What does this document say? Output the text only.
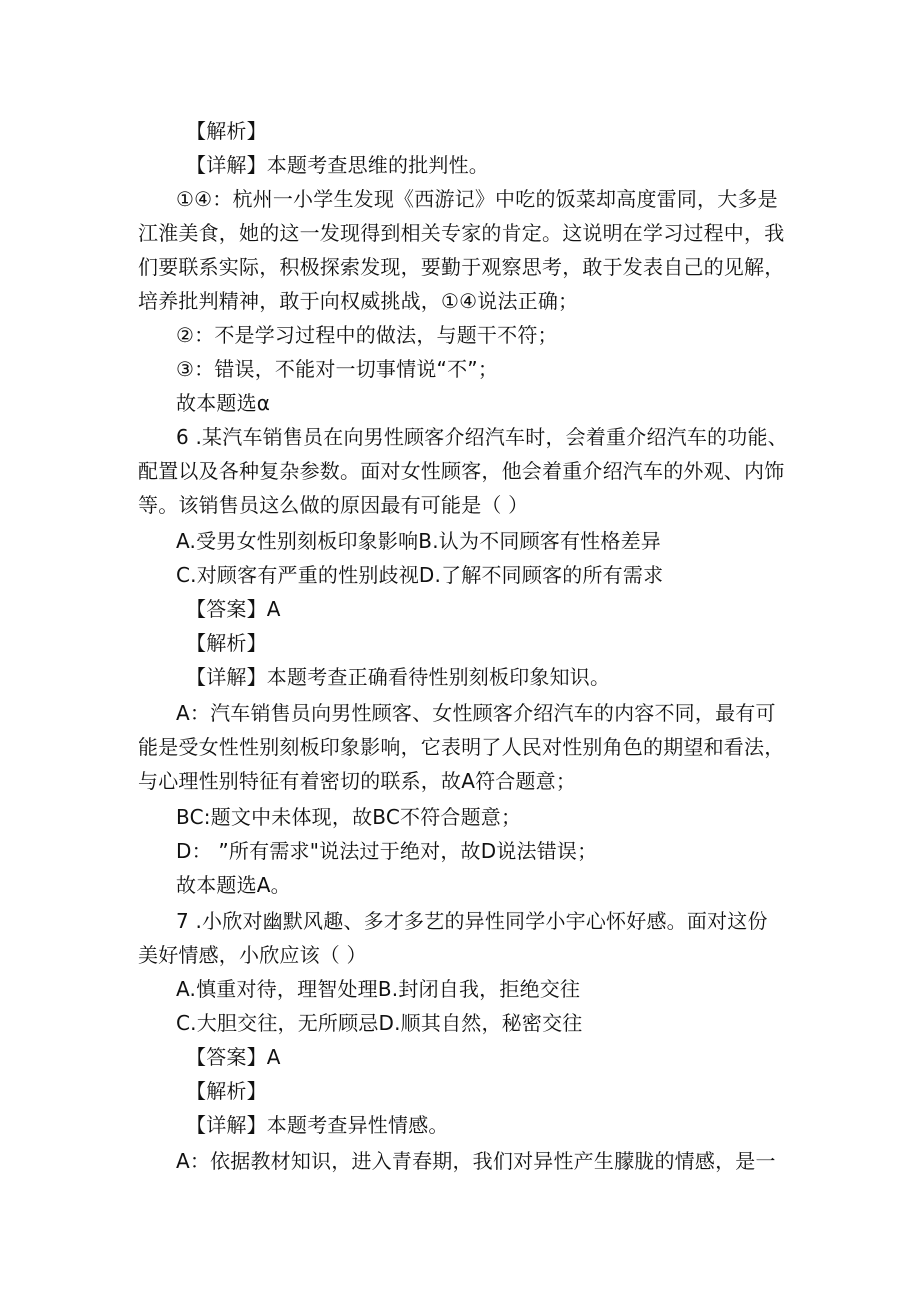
【解析】
【详解】本题考查思维的批判性。
①④：杭州一小学生发现《西游记》中吃的饭菜却高度雷同，大多是
江淮美食，她的这一发现得到相关专家的肯定。这说明在学习过程中，我
们要联系实际，积极探索发现，要勤于观察思考，敢于发表自己的见解，
培养批判精神，敢于向权威挑战，①④说法正确；
②：不是学习过程中的做法，与题干不符；
③：错误，不能对一切事情说“不”；
故本题选α
6 .某汽车销售员在向男性顾客介绍汽车时，会着重介绍汽车的功能、
配置以及各种复杂参数。面对女性顾客，他会着重介绍汽车的外观、内饰
等。该销售员这么做的原因最有可能是（ ）
A.受男女性别刻板印象影响B.认为不同顾客有性格差异
C.对顾客有严重的性别歧视D.了解不同顾客的所有需求
【答案】A
【解析】
【详解】本题考查正确看待性别刻板印象知识。
A：汽车销售员向男性顾客、女性顾客介绍汽车的内容不同，最有可
能是受女性性别刻板印象影响，它表明了人民对性别角色的期望和看法，
与心理性别特征有着密切的联系，故A符合题意；
BC:题文中未体现，故BC不符合题意；
D： ”所有需求"说法过于绝对，故D说法错误；
故本题选A。
7 .小欣对幽默风趣、多才多艺的异性同学小宇心怀好感。面对这份
美好情感，小欣应该（ ）
A.慎重对待，理智处理B.封闭自我，拒绝交往
C.大胆交往，无所顾忌D.顺其自然，秘密交往
【答案】A
【解析】
【详解】本题考查异性情感。
A：依据教材知识，进入青春期，我们对异性产生朦胧的情感，是一
